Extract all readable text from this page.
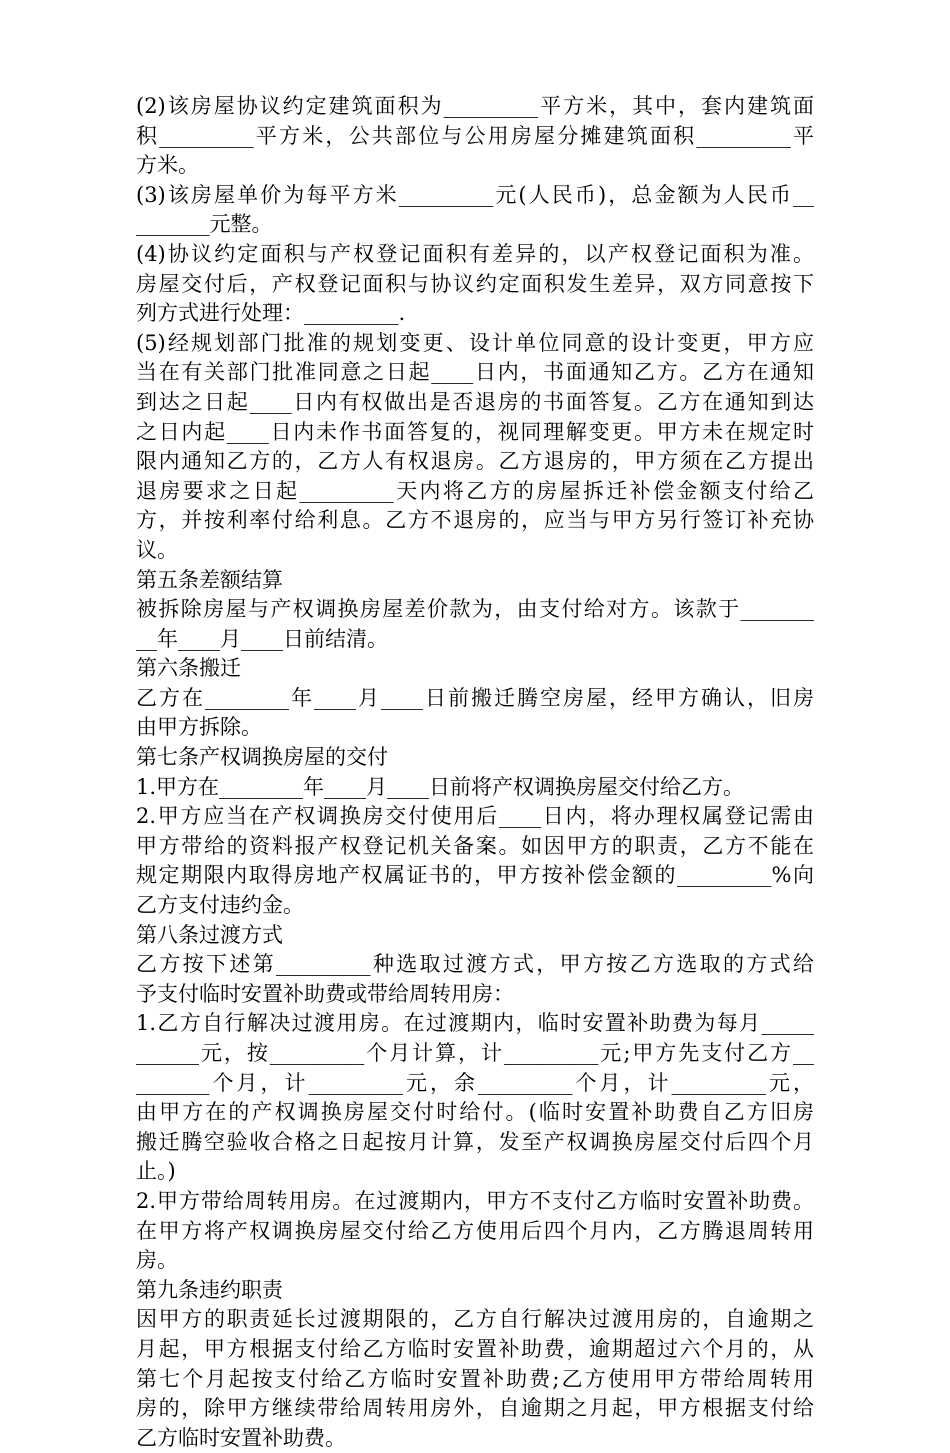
(2)该房屋协议约定建筑面积为_________平方米，其中，套内建筑面
积_________平方米，公共部位与公用房屋分摊建筑面积_________平
方米。
(3)该房屋单价为每平方米_________元(人民币)，总金额为人民币__
_______元整。
(4)协议约定面积与产权登记面积有差异的，以产权登记面积为准。
房屋交付后，产权登记面积与协议约定面积发生差异，双方同意按下
列方式进行处理：_________.
(5)经规划部门批准的规划变更、设计单位同意的设计变更，甲方应
当在有关部门批准同意之日起____日内，书面通知乙方。乙方在通知
到达之日起____日内有权做出是否退房的书面答复。乙方在通知到达
之日内起____日内未作书面答复的，视同理解变更。甲方未在规定时
限内通知乙方的，乙方人有权退房。乙方退房的，甲方须在乙方提出
退房要求之日起_________天内将乙方的房屋拆迁补偿金额支付给乙
方，并按利率付给利息。乙方不退房的，应当与甲方另行签订补充协
议。
第五条差额结算
被拆除房屋与产权调换房屋差价款为，由支付给对方。该款于_______
__年____月____日前结清。
第六条搬迁
乙方在________年____月____日前搬迁腾空房屋，经甲方确认，旧房
由甲方拆除。
第七条产权调换房屋的交付
1.甲方在________年____月____日前将产权调换房屋交付给乙方。
2.甲方应当在产权调换房交付使用后____日内，将办理权属登记需由
甲方带给的资料报产权登记机关备案。如因甲方的职责，乙方不能在
规定期限内取得房地产权属证书的，甲方按补偿金额的_________%向
乙方支付违约金。
第八条过渡方式
乙方按下述第_________种选取过渡方式，甲方按乙方选取的方式给
予支付临时安置补助费或带给周转用房：
1.乙方自行解决过渡用房。在过渡期内，临时安置补助费为每月_____
______元，按_________个月计算，计_________元;甲方先支付乙方__
_______个月，计_________元，余_________个月，计_________元，
由甲方在的产权调换房屋交付时给付。(临时安置补助费自乙方旧房
搬迁腾空验收合格之日起按月计算，发至产权调换房屋交付后四个月
止。)
2.甲方带给周转用房。在过渡期内，甲方不支付乙方临时安置补助费。
在甲方将产权调换房屋交付给乙方使用后四个月内，乙方腾退周转用
房。
第九条违约职责
因甲方的职责延长过渡期限的，乙方自行解决过渡用房的，自逾期之
月起，甲方根据支付给乙方临时安置补助费，逾期超过六个月的，从
第七个月起按支付给乙方临时安置补助费;乙方使用甲方带给周转用
房的，除甲方继续带给周转用房外，自逾期之月起，甲方根据支付给
乙方临时安置补助费。
